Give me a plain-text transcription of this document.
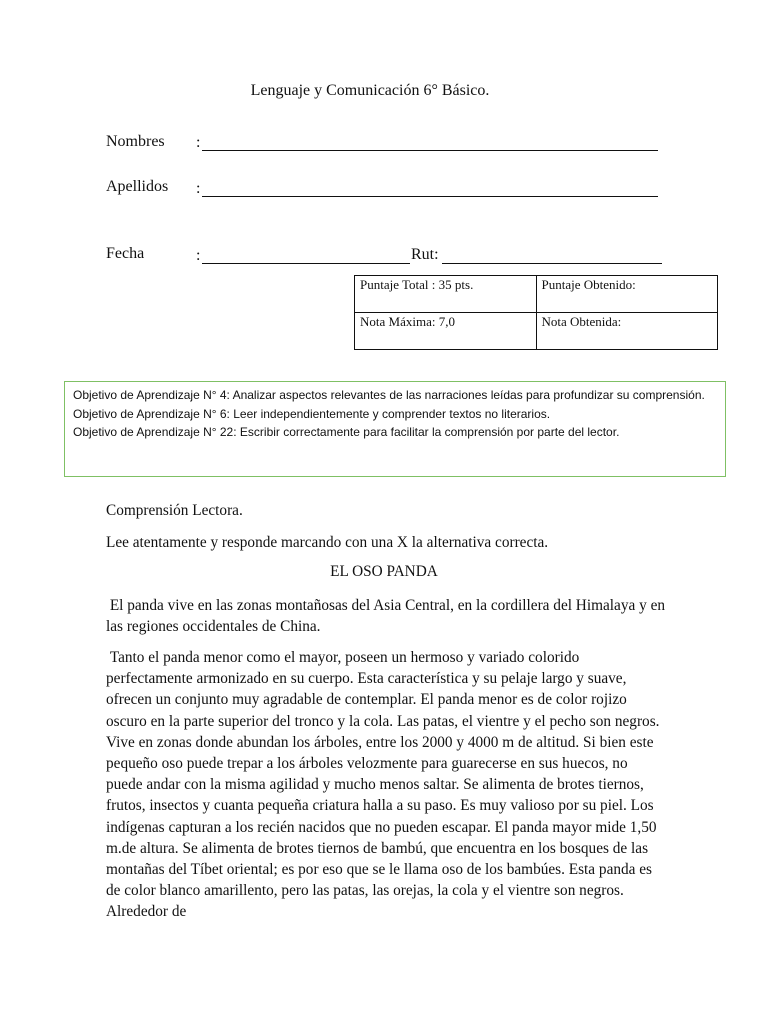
Lenguaje y Comunicación 6° Básico.
Nombres :
Apellidos :
Fecha	:	Rut:
Puntaje Total : 35 pts.	Puntaje Obtenido:
Nota Máxima: 7,0	Nota Obtenida:

Objetivo de Aprendizaje N° 4: Analizar aspectos relevantes de las narraciones leídas para profundizar su comprensión.

Objetivo de Aprendizaje N° 6: Leer independientemente y comprender textos no literarios.

Objetivo de Aprendizaje N° 22: Escribir correctamente para facilitar la comprensión por parte del lector.

Comprensión Lectora.
Lee atentamente y responde marcando con una X la alternativa correcta.
EL OSO PANDA
El panda vive en las zonas montañosas del Asia Central, en la cordillera del Himalaya y en las regiones occidentales de China.
Tanto el panda menor como el mayor, poseen un hermoso y variado colorido perfectamente armonizado en su cuerpo. Esta característica y su pelaje largo y suave, ofrecen un conjunto muy agradable de contemplar. El panda menor es de color rojizo oscuro en la parte superior del tronco y la cola. Las patas, el vientre y el pecho son negros. Vive en zonas donde abundan los árboles, entre los 2000 y 4000 m de altitud. Si bien este pequeño oso puede trepar a los árboles velozmente para guarecerse en sus huecos, no puede andar con la misma agilidad y mucho menos saltar. Se alimenta de brotes tiernos, frutos, insectos y cuanta pequeña criatura halla a su paso. Es muy valioso por su piel. Los indígenas capturan a los recién nacidos que no pueden escapar. El panda mayor mide 1,50 m.de altura. Se alimenta de brotes tiernos de bambú, que encuentra en los bosques de las montañas del Tíbet oriental; es por eso que se le llama oso de los bambúes. Esta panda es de color blanco amarillento, pero las patas, las orejas, la cola y el vientre son negros. Alrededor de
